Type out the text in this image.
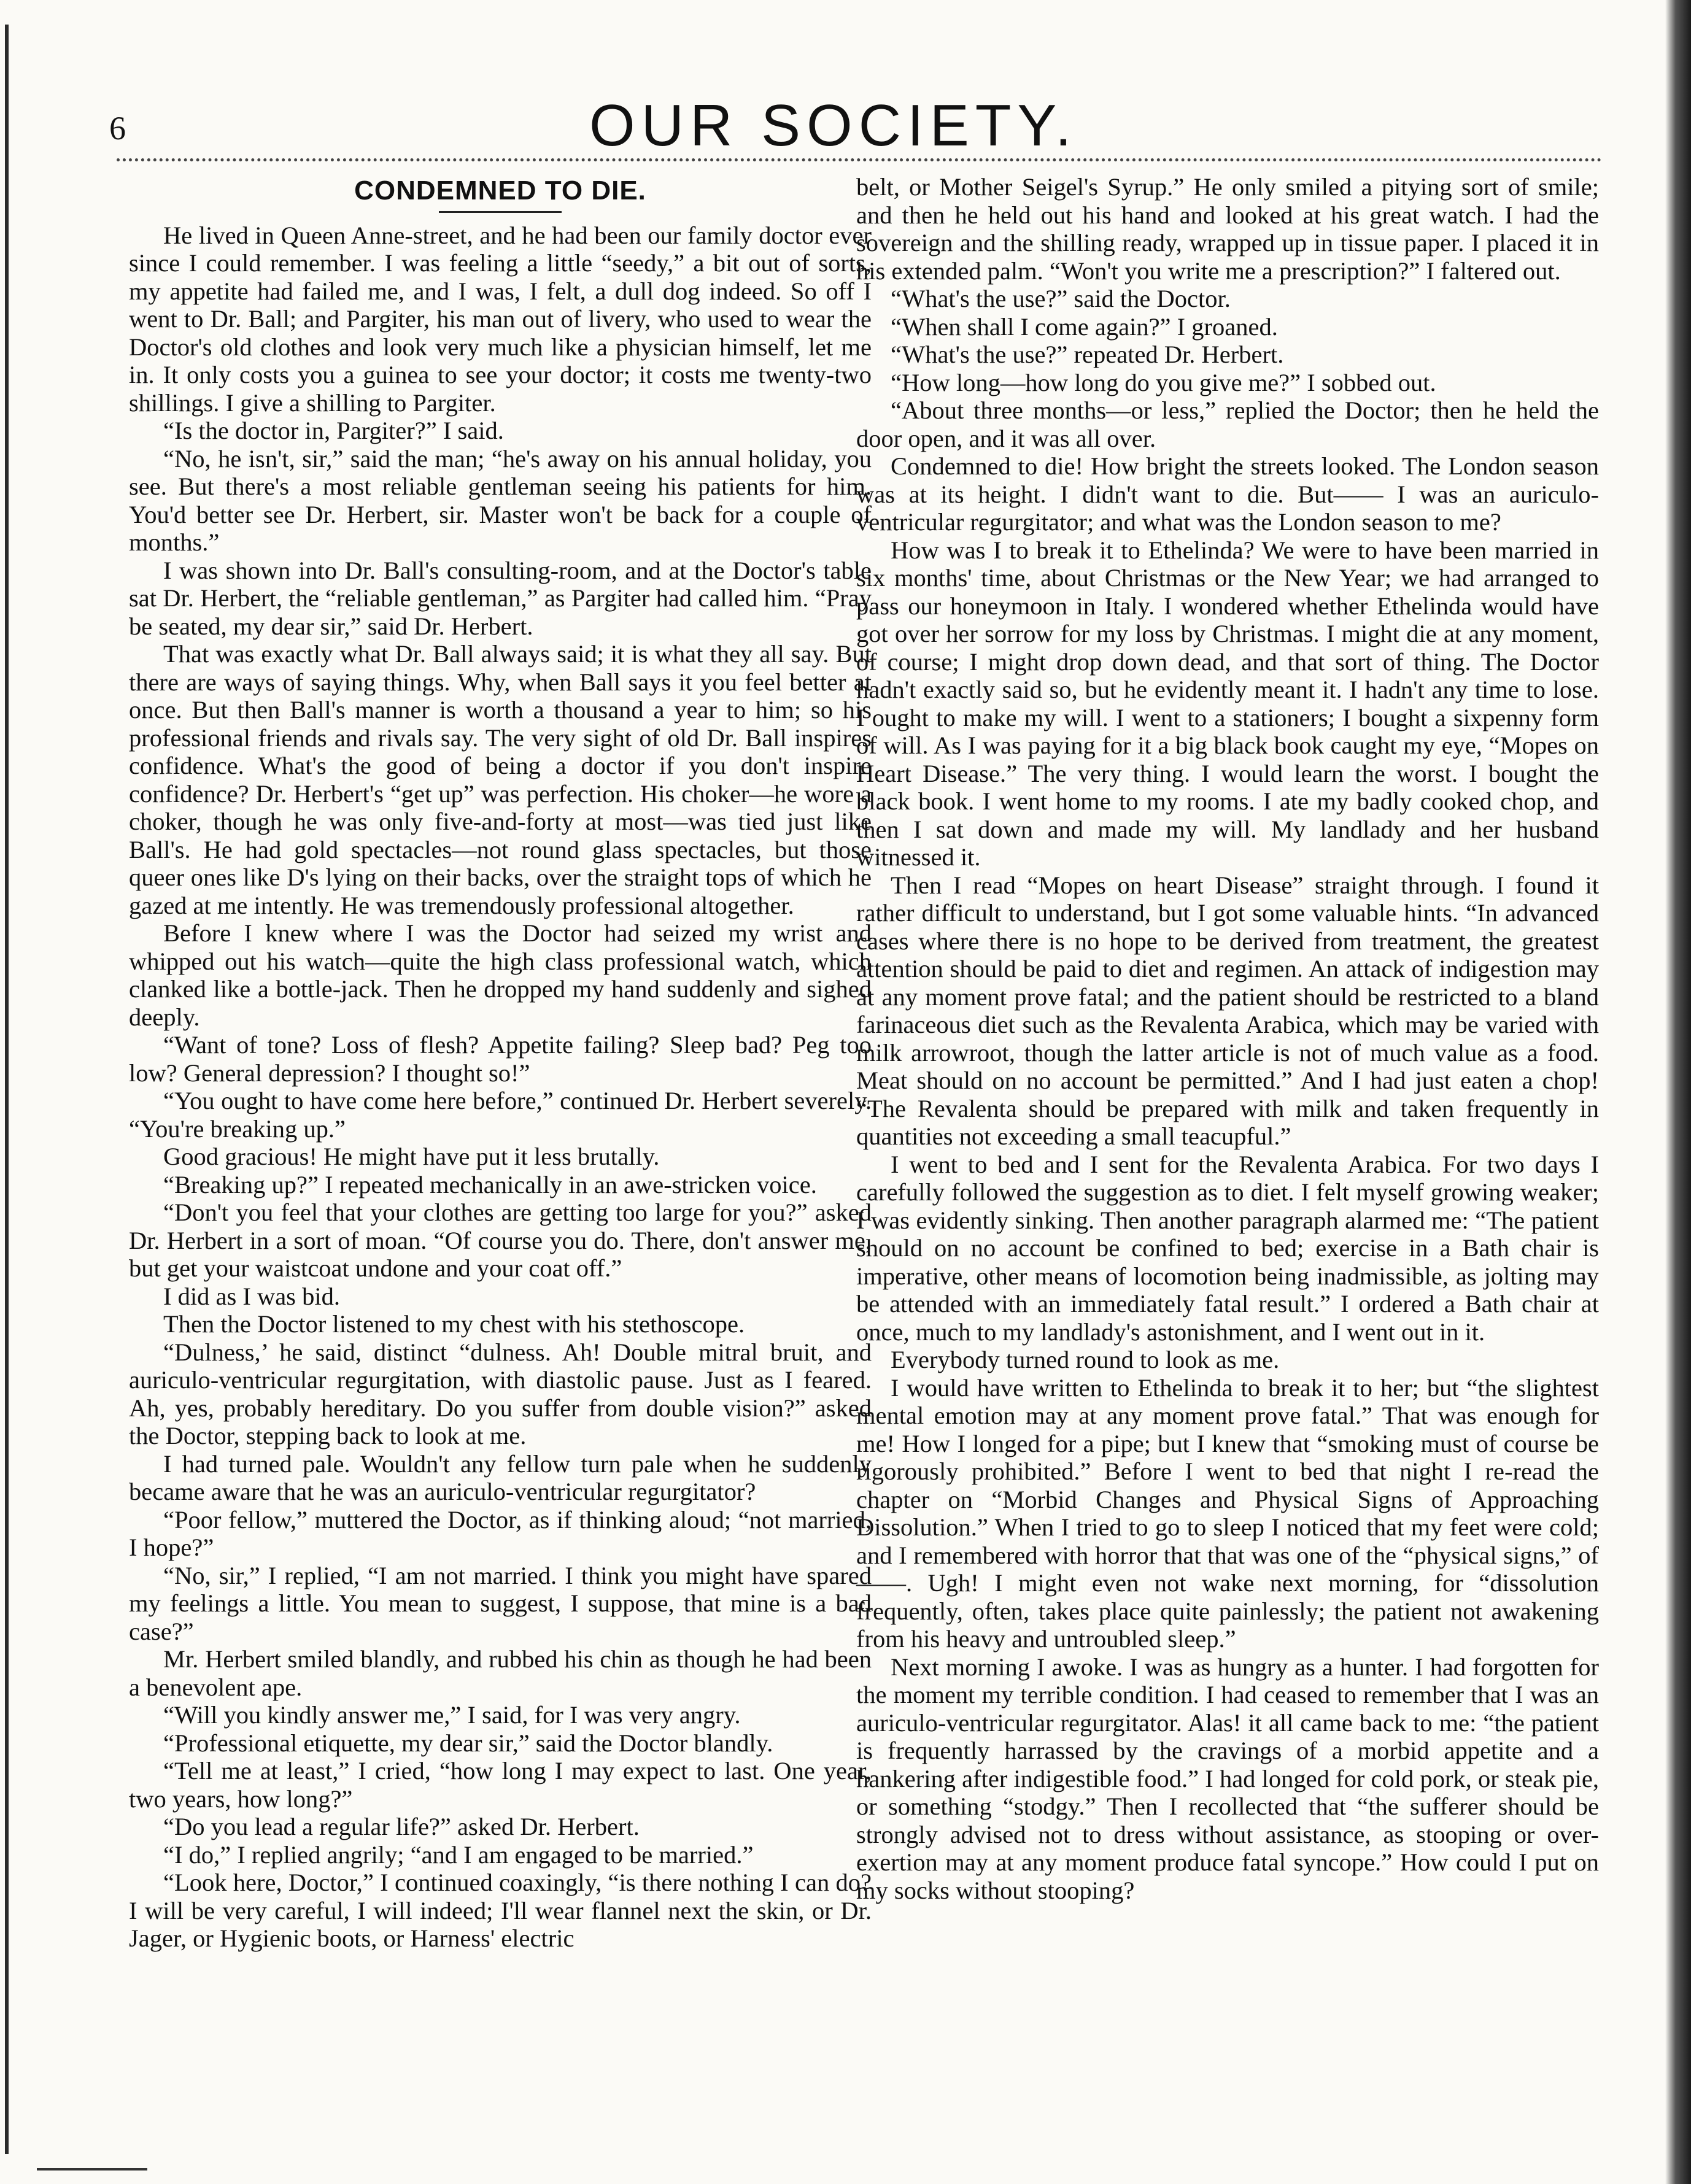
6	OUR SOCIETY.
CONDEMNED TO DIE.

He lived in Queen Anne-street, and he had been our family doctor ever since I could remember. I was feeling a little “seedy,” a bit out of sorts, my appetite had failed me, and I was, I felt, a dull dog indeed. So off I went to Dr. Ball; and Pargiter, his man out of livery, who used to wear the Doctor's old clothes and look very much like a physician himself, let me in. It only costs you a guinea to see your doctor; it costs me twenty-two shillings. I give a shilling to Pargiter.

“Is the doctor in, Pargiter?” I said.

“No, he isn't, sir,” said the man; “he's away on his annual holiday, you see. But there's a most reliable gentleman seeing his patients for him. You'd better see Dr. Herbert, sir. Master won't be back for a couple of months.”

I was shown into Dr. Ball's consulting-room, and at the Doctor's table sat Dr. Herbert, the “reliable gentleman,” as Pargiter had called him. “Pray be seated, my dear sir,” said Dr. Herbert.

That was exactly what Dr. Ball always said; it is what they all say. But there are ways of saying things. Why, when Ball says it you feel better at once. But then Ball's manner is worth a thousand a year to him; so his professional friends and rivals say. The very sight of old Dr. Ball inspires confidence. What's the good of being a doctor if you don't inspire confidence? Dr. Herbert's “get up” was perfection. His choker—he wore a choker, though he was only five-and-forty at most—was tied just like Ball's. He had gold spectacles—not round glass spectacles, but those queer ones like D's lying on their backs, over the straight tops of which he gazed at me intently. He was tremendously professional altogether.

Before I knew where I was the Doctor had seized my wrist and whipped out his watch—quite the high class professional watch, which clanked like a bottle-jack. Then he dropped my hand suddenly and sighed deeply.

“Want of tone? Loss of flesh? Appetite failing? Sleep bad? Peg too low? General depression? I thought so!”

“You ought to have come here before,” continued Dr. Herbert severely. “You're breaking up.”

Good gracious! He might have put it less brutally.

“Breaking up?” I repeated mechanically in an awe-stricken voice.

“Don't you feel that your clothes are getting too large for you?” asked Dr. Herbert in a sort of moan. “Of course you do. There, don't answer me, but get your waistcoat undone and your coat off.”

I did as I was bid.

Then the Doctor listened to my chest with his stethoscope.

“Dulness,’ he said, distinct “dulness. Ah! Double mitral bruit, and auriculo-ventricular regurgitation, with diastolic pause. Just as I feared. Ah, yes, probably hereditary. Do you suffer from double vision?” asked the Doctor, stepping back to look at me.

I had turned pale. Wouldn't any fellow turn pale when he suddenly became aware that he was an auriculo-ventricular regurgitator?

“Poor fellow,” muttered the Doctor, as if thinking aloud; “not married, I hope?”

“No, sir,” I replied, “I am not married. I think you might have spared my feelings a little. You mean to suggest, I suppose, that mine is a bad case?”

Mr. Herbert smiled blandly, and rubbed his chin as though he had been a benevolent ape.

“Will you kindly answer me,” I said, for I was very angry.

“Professional etiquette, my dear sir,” said the Doctor blandly.

“Tell me at least,” I cried, “how long I may expect to last. One year, two years, how long?”

“Do you lead a regular life?” asked Dr. Herbert.

“I do,” I replied angrily; “and I am engaged to be married.”

“Look here, Doctor,” I continued coaxingly, “is there nothing I can do? I will be very careful, I will indeed; I'll wear flannel next the skin, or Dr. Jager, or Hygienic boots, or Harness' electric

belt, or Mother Seigel's Syrup.” He only smiled a pitying sort of smile; and then he held out his hand and looked at his great watch. I had the sovereign and the shilling ready, wrapped up in tissue paper. I placed it in his extended palm. “Won't you write me a prescription?” I faltered out.

“What's the use?” said the Doctor.

“When shall I come again?” I groaned.

“What's the use?” repeated Dr. Herbert.

“How long—how long do you give me?” I sobbed out.

“About three months—or less,” replied the Doctor; then he held the door open, and it was all over.

Condemned to die! How bright the streets looked. The London season was at its height. I didn't want to die. But—— I was an auriculo-ventricular regurgitator; and what was the London season to me?

How was I to break it to Ethelinda? We were to have been married in six months' time, about Christmas or the New Year; we had arranged to pass our honeymoon in Italy. I wondered whether Ethelinda would have got over her sorrow for my loss by Christmas. I might die at any moment, of course; I might drop down dead, and that sort of thing. The Doctor hadn't exactly said so, but he evidently meant it. I hadn't any time to lose. I ought to make my will. I went to a stationers; I bought a sixpenny form of will. As I was paying for it a big black book caught my eye, “Mopes on Heart Disease.” The very thing. I would learn the worst. I bought the black book. I went home to my rooms. I ate my badly cooked chop, and then I sat down and made my will. My landlady and her husband witnessed it.

Then I read “Mopes on heart Disease” straight through. I found it rather difficult to understand, but I got some valuable hints. “In advanced cases where there is no hope to be derived from treatment, the greatest attention should be paid to diet and regimen. An attack of indigestion may at any moment prove fatal; and the patient should be restricted to a bland farinaceous diet such as the Revalenta Arabica, which may be varied with milk arrowroot, though the latter article is not of much value as a food. Meat should on no account be permitted.” And I had just eaten a chop! “The Revalenta should be prepared with milk and taken frequently in quantities not exceeding a small teacupful.”

I went to bed and I sent for the Revalenta Arabica. For two days I carefully followed the suggestion as to diet. I felt myself growing weaker; I was evidently sinking. Then another paragraph alarmed me: “The patient should on no account be confined to bed; exercise in a Bath chair is imperative, other means of locomotion being inadmissible, as jolting may be attended with an immediately fatal result.” I ordered a Bath chair at once, much to my landlady's astonishment, and I went out in it.

Everybody turned round to look as me.

I would have written to Ethelinda to break it to her; but “the slightest mental emotion may at any moment prove fatal.” That was enough for me! How I longed for a pipe; but I knew that “smoking must of course be rigorously prohibited.” Before I went to bed that night I re-read the chapter on “Morbid Changes and Physical Signs of Approaching Dissolution.” When I tried to go to sleep I noticed that my feet were cold; and I remembered with horror that that was one of the “physical signs,” of——. Ugh! I might even not wake next morning, for “dissolution frequently, often, takes place quite painlessly; the patient not awakening from his heavy and untroubled sleep.”

Next morning I awoke. I was as hungry as a hunter. I had forgotten for the moment my terrible condition. I had ceased to remember that I was an auriculo-ventricular regurgitator. Alas! it all came back to me: “the patient is frequently harrassed by the cravings of a morbid appetite and a hankering after indigestible food.” I had longed for cold pork, or steak pie, or something “stodgy.” Then I recollected that “the sufferer should be strongly advised not to dress without assistance, as stooping or over-exertion may at any moment produce fatal syncope.” How could I put on my socks without stooping?
